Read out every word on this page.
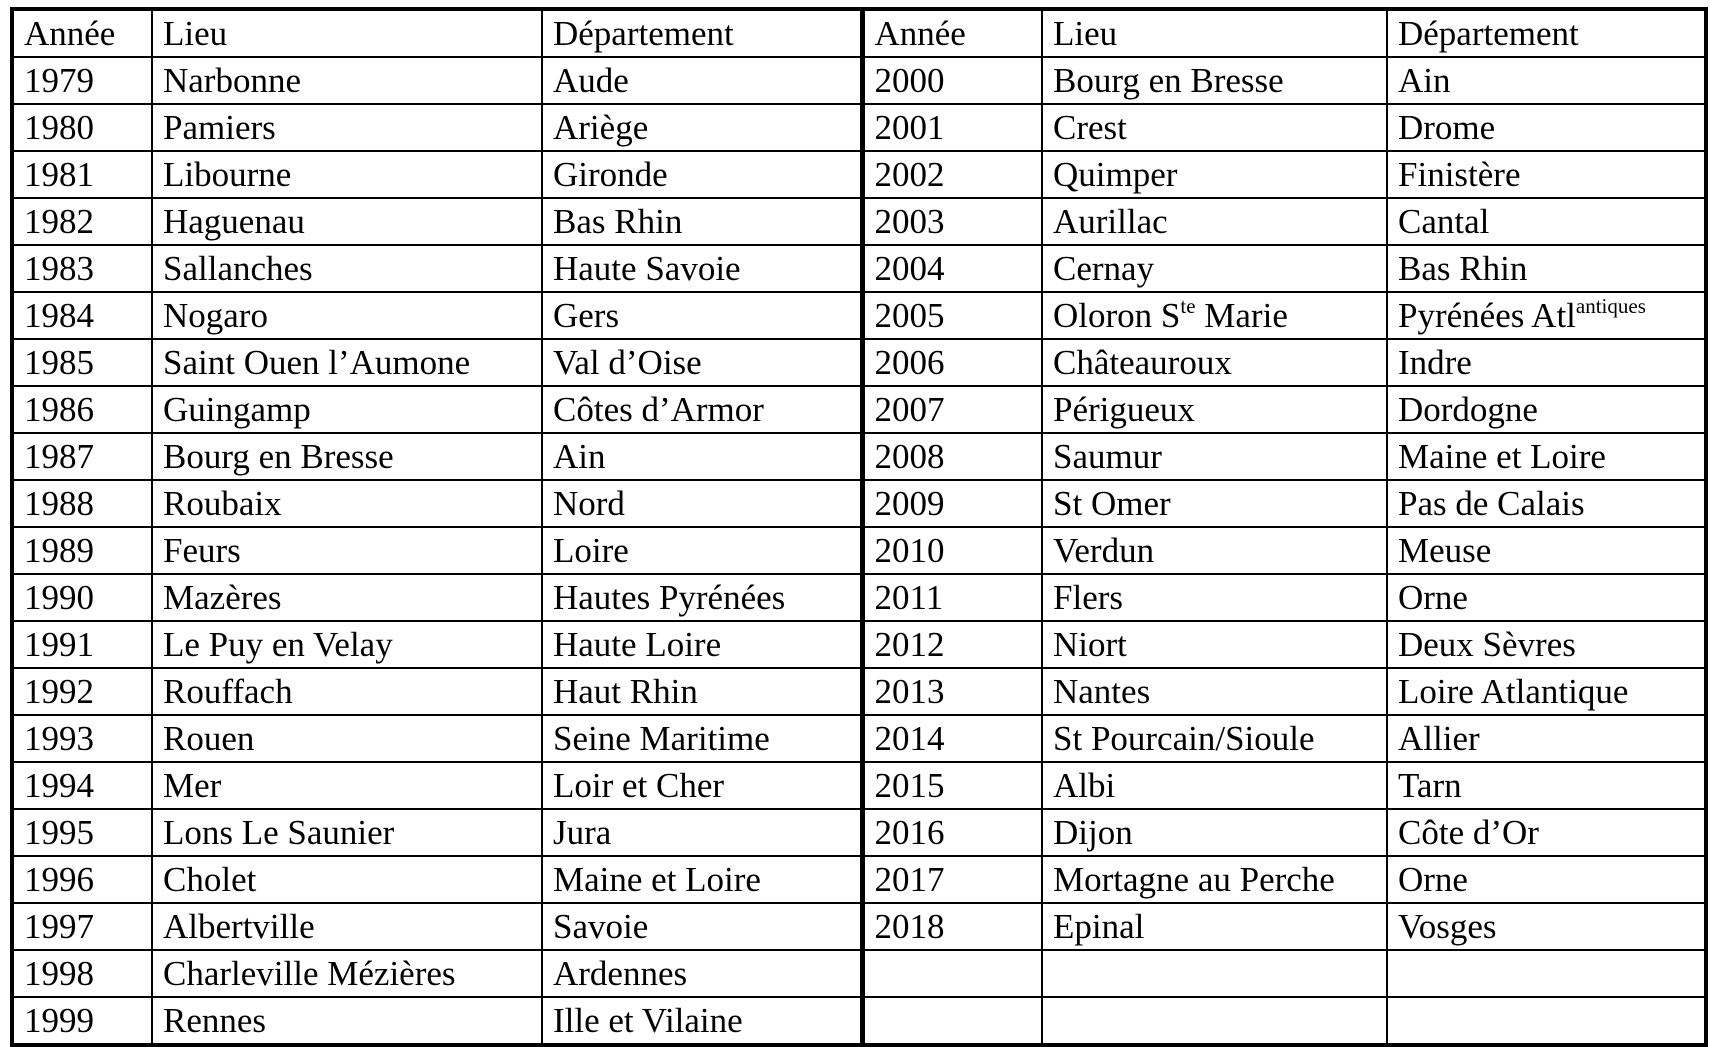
Année	Lieu	Département	Année	Lieu	Département
1979	Narbonne	Aude	2000	Bourg en Bresse	Ain
1980	Pamiers	Ariège	2001	Crest	Drome
1981	Libourne	Gironde	2002	Quimper	Finistère
1982	Haguenau	Bas Rhin	2003	Aurillac	Cantal
1983	Sallanches	Haute Savoie	2004	Cernay	Bas Rhin
1984	Nogaro	Gers	2005	Oloron $S^{te}$ Marie	Pyrénées Atl$^{antiques}$
1985	Saint Ouen l’Aumone	Val d’Oise	2006	Châteauroux	Indre
1986	Guingamp	Côtes d’Armor	2007	Périgueux	Dordogne
1987	Bourg en Bresse	Ain	2008	Saumur	Maine et Loire
1988	Roubaix	Nord	2009	St Omer	Pas de Calais
1989	Feurs	Loire	2010	Verdun	Meuse
1990	Mazères	Hautes Pyrénées	2011	Flers	Orne
1991	Le Puy en Velay	Haute Loire	2012	Niort	Deux Sèvres
1992	Rouffach	Haut Rhin	2013	Nantes	Loire Atlantique
1993	Rouen	Seine Maritime	2014	St Pourcain/Sioule	Allier
1994	Mer	Loir et Cher	2015	Albi	Tarn
1995	Lons Le Saunier	Jura	2016	Dijon	Côte d’Or
1996	Cholet	Maine et Loire	2017	Mortagne au Perche	Orne
1997	Albertville	Savoie	2018	Epinal	Vosges
1998	Charleville Mézières	Ardennes			
1999	Rennes	Ille et Vilaine			
